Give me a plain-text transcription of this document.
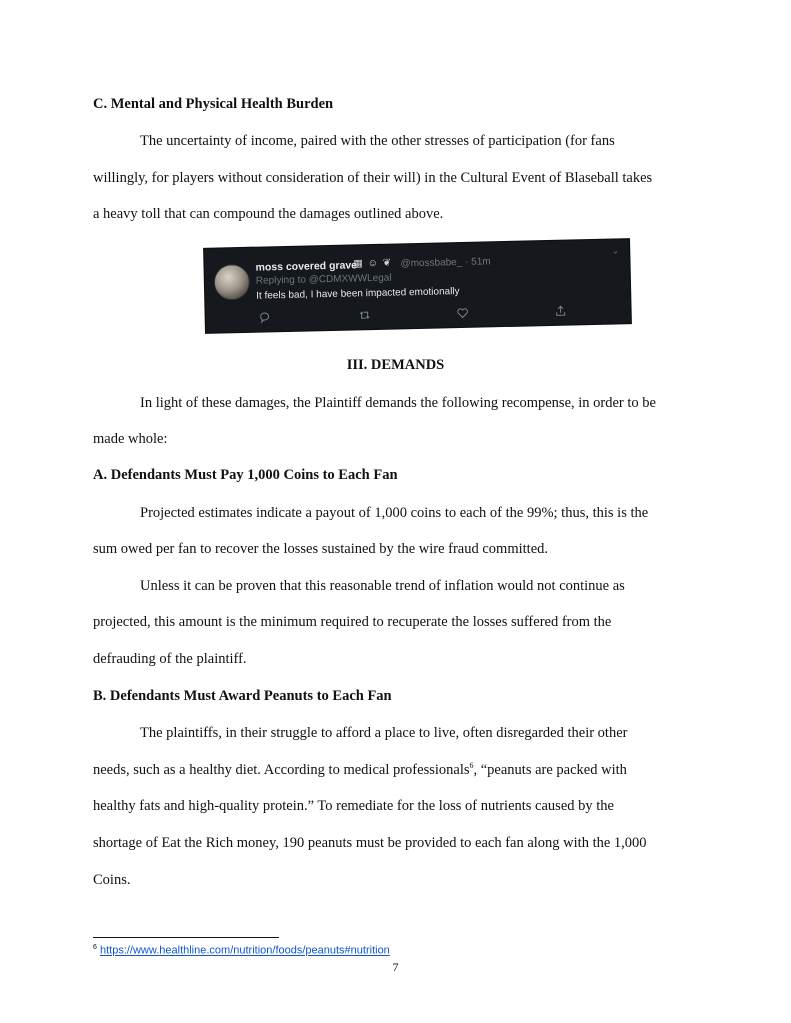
C. Mental and Physical Health Burden

The uncertainty of income, paired with the other stresses of participation (for fans

willingly, for players without consideration of their will) in the Cultural Event of Blaseball takes

a heavy toll that can compound the damages outlined above.

moss covered grave
▦ ☺ ❦ @mossbabe_ · 51m
⌄
Replying to @CDMXWWLegal
It feels bad, I have been impacted emotionally

III. DEMANDS

In light of these damages, the Plaintiff demands the following recompense, in order to be

made whole:

A. Defendants Must Pay 1,000 Coins to Each Fan

Projected estimates indicate a payout of 1,000 coins to each of the 99%; thus, this is the

sum owed per fan to recover the losses sustained by the wire fraud committed.

Unless it can be proven that this reasonable trend of inflation would not continue as

projected, this amount is the minimum required to recuperate the losses suffered from the

defrauding of the plaintiff.

B. Defendants Must Award Peanuts to Each Fan

The plaintiffs, in their struggle to afford a place to live, often disregarded their other

needs, such as a healthy diet. According to medical professionals$^6$, “peanuts are packed with

healthy fats and high-quality protein.” To remediate for the loss of nutrients caused by the

shortage of Eat the Rich money, 190 peanuts must be provided to each fan along with the 1,000

Coins.

$^6$ https://www.healthline.com/nutrition/foods/peanuts#nutrition
7
